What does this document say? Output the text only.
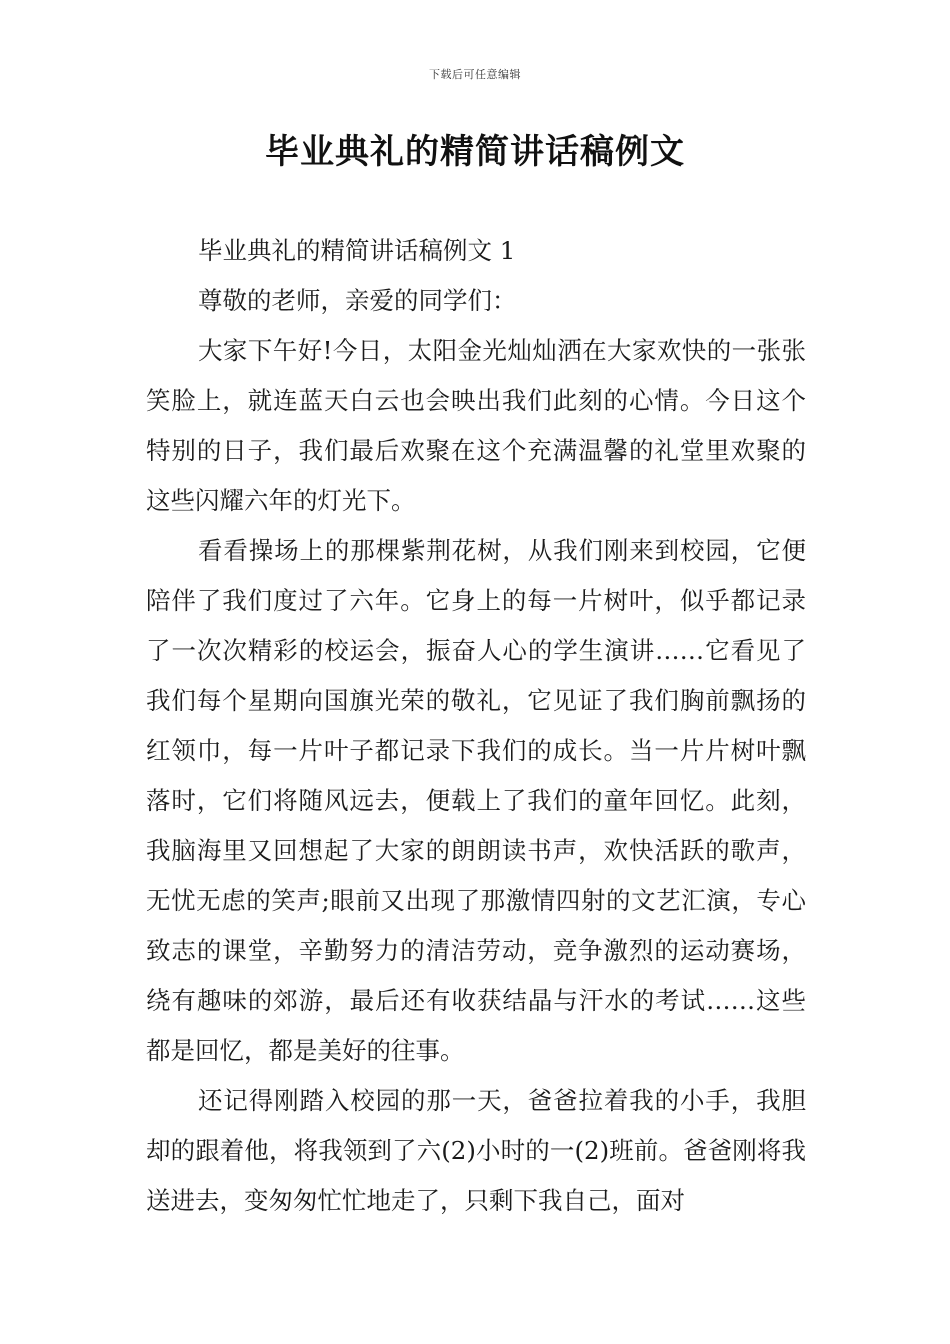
下载后可任意编辑
毕业典礼的精简讲话稿例文

毕业典礼的精简讲话稿例文 1

尊敬的老师，亲爱的同学们：

大家下午好!今日，太阳金光灿灿洒在大家欢快的一张张笑脸上，就连蓝天白云也会映出我们此刻的心情。今日这个特别的日子，我们最后欢聚在这个充满温馨的礼堂里欢聚的这些闪耀六年的灯光下。

看看操场上的那棵紫荆花树，从我们刚来到校园，它便陪伴了我们度过了六年。它身上的每一片树叶，似乎都记录了一次次精彩的校运会，振奋人心的学生演讲……它看见了我们每个星期向国旗光荣的敬礼，它见证了我们胸前飘扬的红领巾，每一片叶子都记录下我们的成长。当一片片树叶飘落时，它们将随风远去，便载上了我们的童年回忆。此刻，我脑海里又回想起了大家的朗朗读书声，欢快活跃的歌声，无忧无虑的笑声;眼前又出现了那激情四射的文艺汇演，专心致志的课堂，辛勤努力的清洁劳动，竞争激烈的运动赛场，绕有趣味的郊游，最后还有收获结晶与汗水的考试……这些都是回忆，都是美好的往事。

还记得刚踏入校园的那一天，爸爸拉着我的小手，我胆却的跟着他，将我领到了六(2)小时的一(2)班前。爸爸刚将我送进去，变匆匆忙忙地走了，只剩下我自己，面对
